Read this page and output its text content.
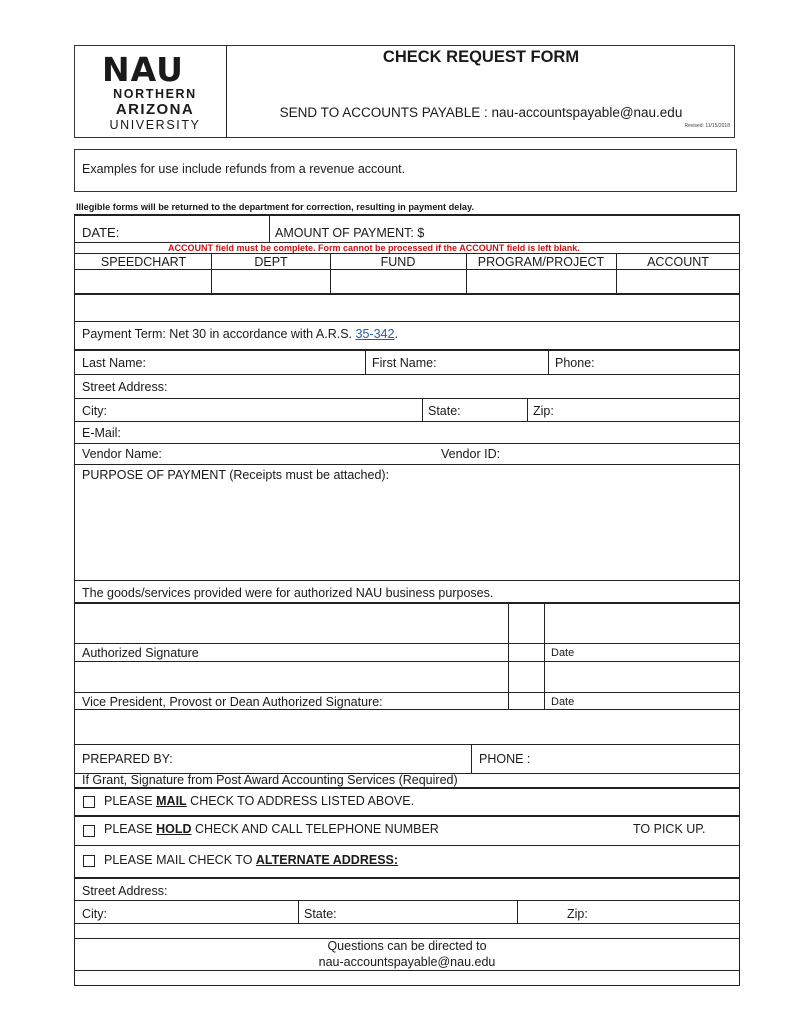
NAU
NORTHERN
ARIZONA
UNIVERSITY
CHECK REQUEST FORM
SEND TO ACCOUNTS PAYABLE : nau-accountspayable@nau.edu
Revised: 11/15/2018
Examples for use include refunds from a revenue account.
Illegible forms will be returned to the department for correction, resulting in payment delay.
DATE:	AMOUNT OF PAYMENT: $
ACCOUNT field must be complete. Form cannot be processed if the ACCOUNT field is left blank.
SPEEDCHART	DEPT	FUND	PROGRAM/PROJECT	ACCOUNT
Payment Term: Net 30 in accordance with A.R.S. 35-342.
Last Name:	First Name:	Phone:
Street Address:
City:	State:	Zip:
E-Mail:
Vendor Name:	Vendor ID:
PURPOSE OF PAYMENT (Receipts must be attached):
The goods/services provided were for authorized NAU business purposes.
Authorized Signature	Date
Vice President, Provost or Dean Authorized Signature:	Date
PREPARED BY:	PHONE :
If Grant, Signature from Post Award Accounting Services (Required)
PLEASE MAIL CHECK TO ADDRESS LISTED ABOVE.
PLEASE HOLD CHECK AND CALL TELEPHONE NUMBER	TO PICK UP.
PLEASE MAIL CHECK TO ALTERNATE ADDRESS:
Street Address:
City:	State:	Zip:
Questions can be directed to
nau-accountspayable@nau.edu
